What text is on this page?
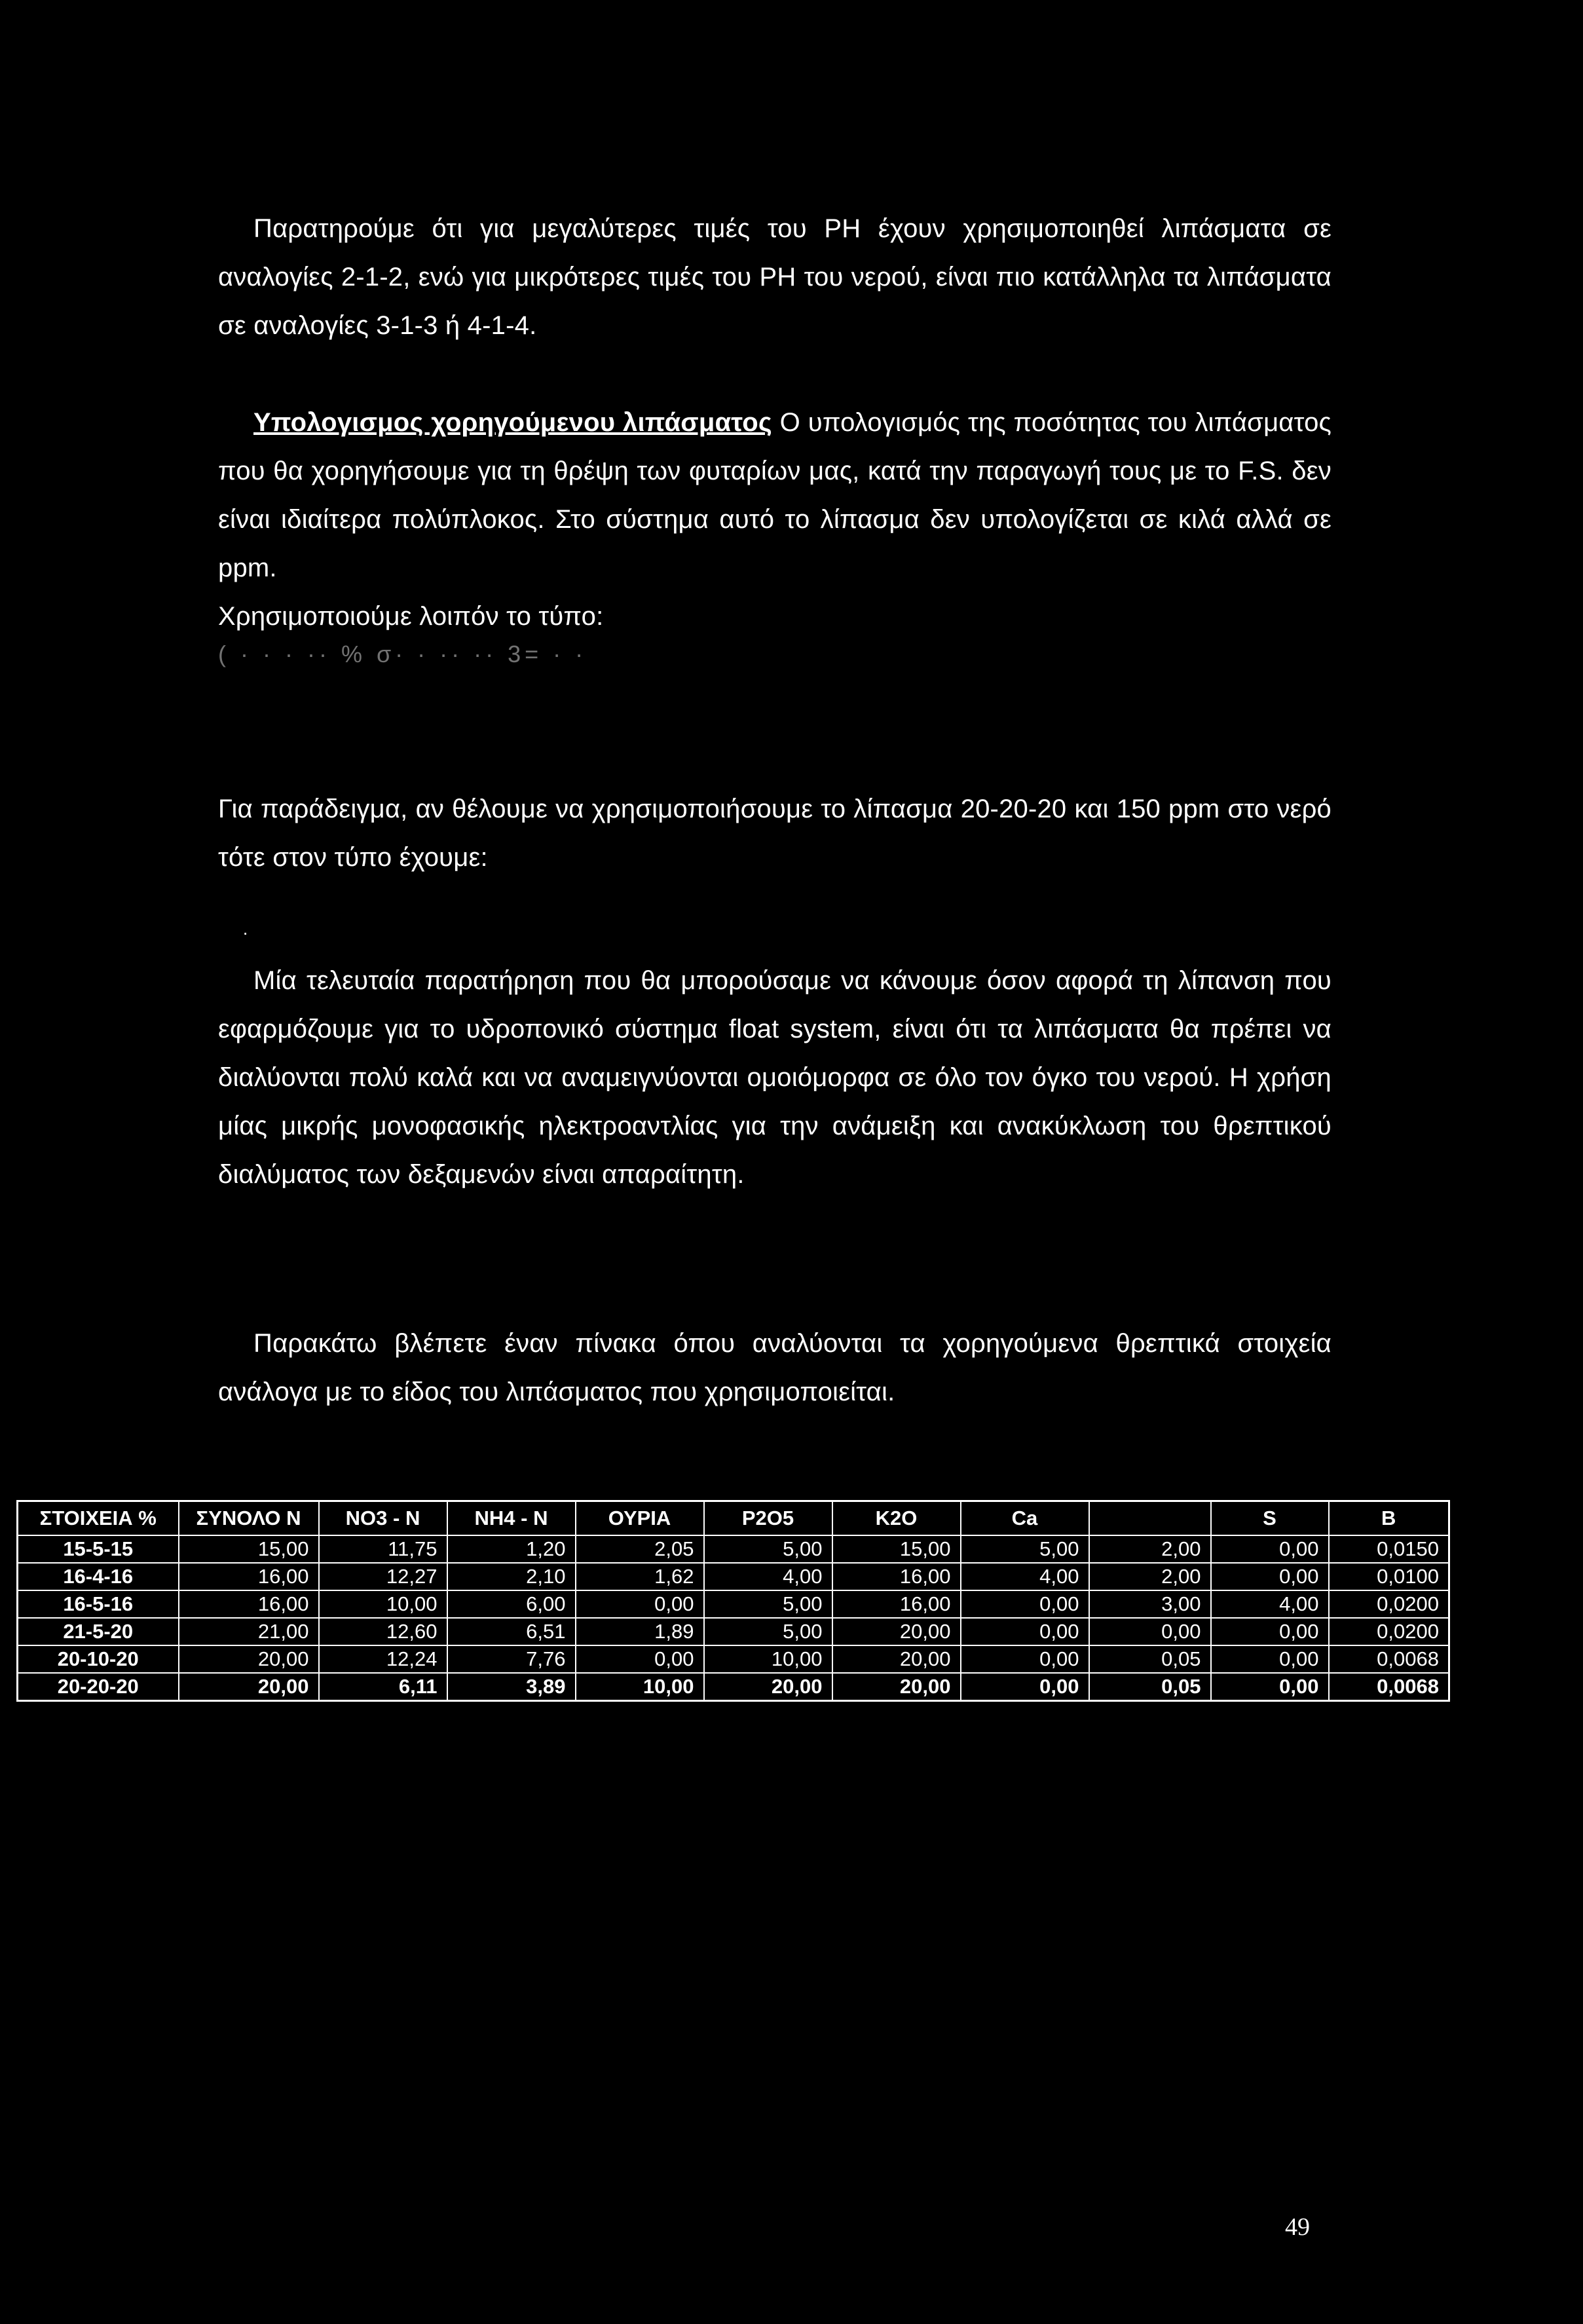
Παρατηρούμε ότι για μεγαλύτερες τιμές του PH έχουν χρησιμοποιηθεί λιπάσματα σε αναλογίες 2-1-2, ενώ για μικρότερες τιμές του PH του νερού, είναι πιο κατάλληλα τα λιπάσματα σε αναλογίες 3-1-3 ή 4-1-4.

Υπολογισμος χορηγούμενου λιπάσματος Ο υπολογισμός της ποσότητας του λιπάσματος που θα χορηγήσουμε για τη θρέψη των φυταρίων μας, κατά την παραγωγή τους με το F.S. δεν είναι ιδιαίτερα πολύπλοκος. Στο σύστημα αυτό το λίπασμα δεν υπολογίζεται σε κιλά αλλά σε ppm.

Χρησιμοποιούμε λοιπόν το τύπο:

( · · · ·· % σ· · ·· ·· 3= · ·

Για παράδειγμα, αν θέλουμε να χρησιμοποιήσουμε το λίπασμα 20-20-20 και 150 ppm στο νερό τότε στον τύπο έχουμε:

·

Μία τελευταία παρατήρηση που θα μπορούσαμε να κάνουμε όσον αφορά τη λίπανση που εφαρμόζουμε για το υδροπονικό σύστημα float system, είναι ότι τα λιπάσματα θα πρέπει να διαλύονται πολύ καλά και να αναμειγνύονται ομοιόμορφα σε όλο τον όγκο του νερού. Η χρήση μίας μικρής μονοφασικής ηλεκτροαντλίας για την ανάμειξη και ανακύκλωση του θρεπτικού διαλύματος των δεξαμενών είναι απαραίτητη.

Παρακάτω βλέπετε έναν πίνακα όπου αναλύονται τα χορηγούμενα θρεπτικά στοιχεία ανάλογα με το είδος του λιπάσματος που χρησιμοποιείται.

ΣΤΟΙΧΕΙΑ %	ΣΥΝΟΛΟ N	NO3 - N	NH4 - N	ΟΥΡΙΑ	P2O5	K2O	Ca		S	B
15-5-15	15,00	11,75	1,20	2,05	5,00	15,00	5,00	2,00	0,00	0,0150
16-4-16	16,00	12,27	2,10	1,62	4,00	16,00	4,00	2,00	0,00	0,0100
16-5-16	16,00	10,00	6,00	0,00	5,00	16,00	0,00	3,00	4,00	0,0200
21-5-20	21,00	12,60	6,51	1,89	5,00	20,00	0,00	0,00	0,00	0,0200
20-10-20	20,00	12,24	7,76	0,00	10,00	20,00	0,00	0,05	0,00	0,0068
20-20-20	20,00	6,11	3,89	10,00	20,00	20,00	0,00	0,05	0,00	0,0068
49
